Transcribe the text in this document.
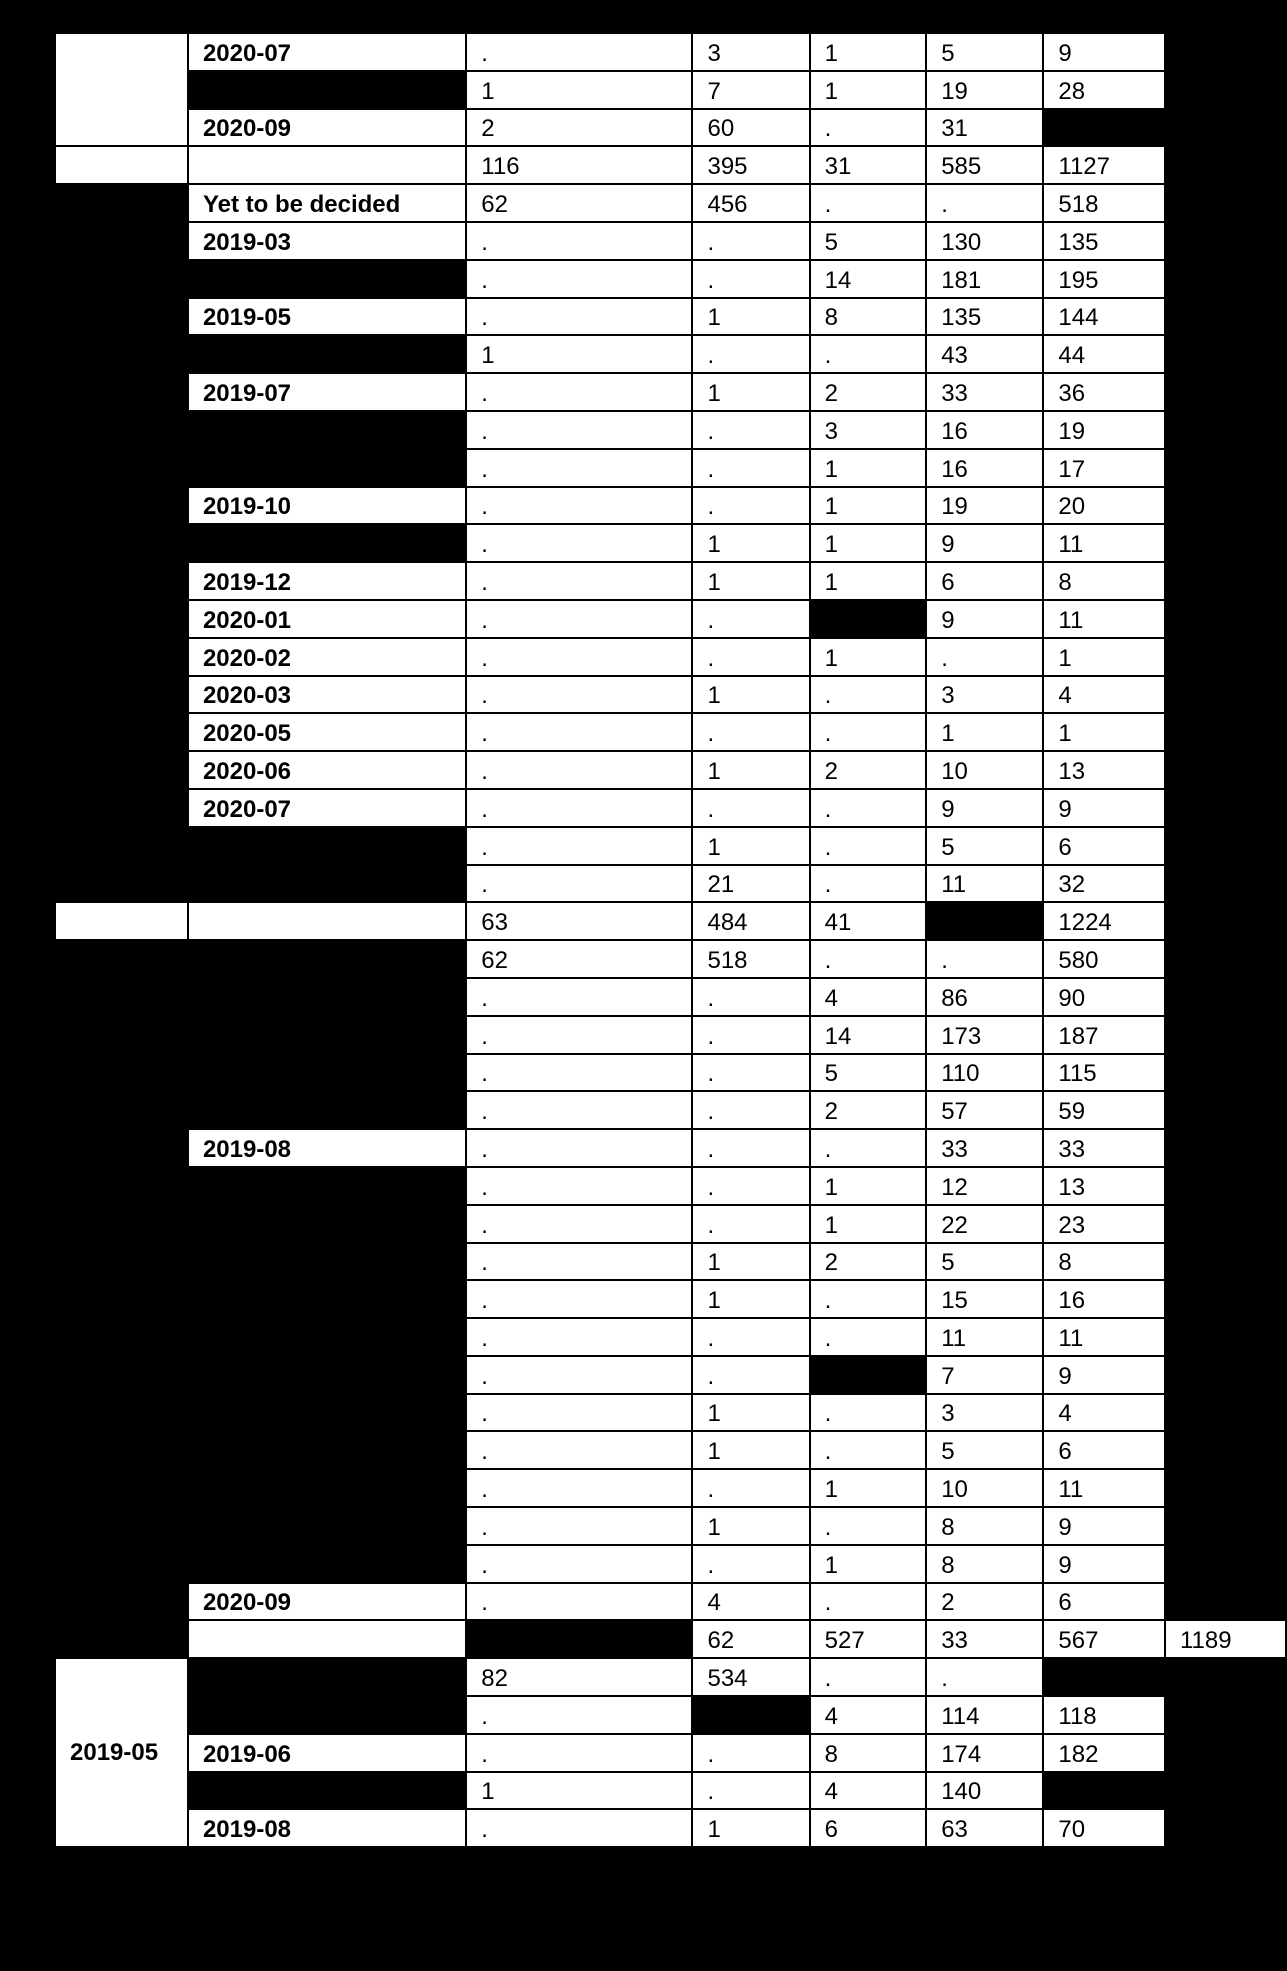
	2020-07	.	3	1	5	9	
		1	7	1	19	28	
	2020-09	2	60	.	31		
		116	395	31	585	1127	
	Yet to be decided	62	456	.	.	518	
	2019-03	.	.	5	130	135	
		.	.	14	181	195	
	2019-05	.	1	8	135	144	
		1	.	.	43	44	
	2019-07	.	1	2	33	36	
		.	.	3	16	19	
		.	.	1	16	17	
	2019-10	.	.	1	19	20	
		.	1	1	9	11	
	2019-12	.	1	1	6	8	
	2020-01	.	.		9	11	
	2020-02	.	.	1	.	1	
	2020-03	.	1	.	3	4	
	2020-05	.	.	.	1	1	
	2020-06	.	1	2	10	13	
	2020-07	.	.	.	9	9	
		.	1	.	5	6	
		.	21	.	11	32	
		63	484	41		1224	
		62	518	.	.	580	
		.	.	4	86	90	
		.	.	14	173	187	
		.	.	5	110	115	
		.	.	2	57	59	
	2019-08	.	.	.	33	33	
		.	.	1	12	13	
		.	.	1	22	23	
		.	1	2	5	8	
		.	1	.	15	16	
		.	.	.	11	11	
		.	.		7	9	
		.	1	.	3	4	
		.	1	.	5	6	
		.	.	1	10	11	
		.	1	.	8	9	
		.	.	1	8	9	
	2020-09	.	4	.	2	6	
			62	527	33	567	1189
2019-05		82	534	.	.		
		.		4	114	118	
	2019-06	.	.	8	174	182	
		1	.	4	140		
	2019-08	.	1	6	63	70	
